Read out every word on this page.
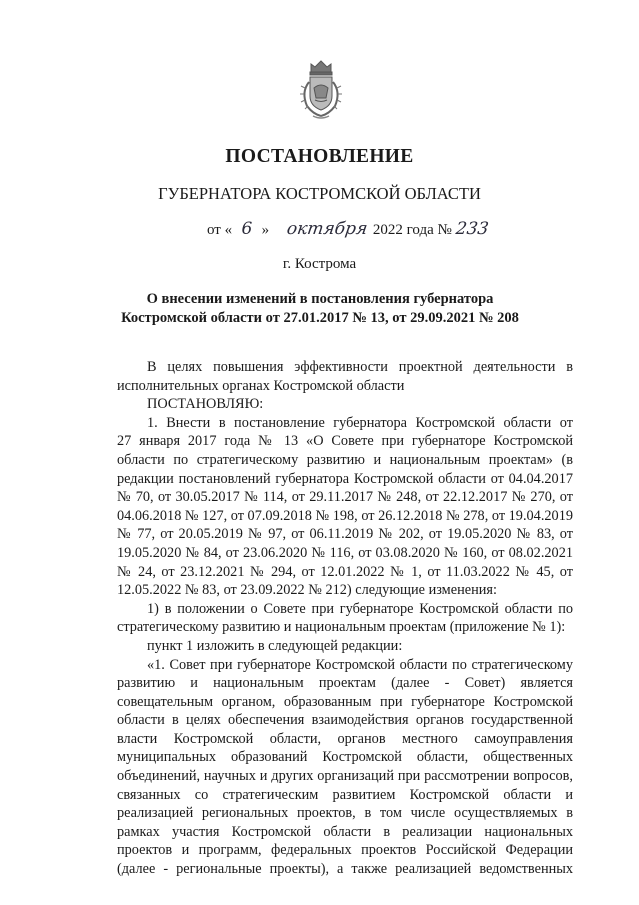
ПОСТАНОВЛЕНИЕ
ГУБЕРНАТОРА КОСТРОМСКОЙ ОБЛАСТИ
от « 6 » октября 2022 года № 233
г. Кострома
О внесении изменений в постановления губернатора
Костромской области от 27.01.2017 № 13, от 29.09.2021 № 208
В целях повышения эффективности проектной деятельности в
исполнительных органах Костромской области
ПОСТАНОВЛЯЮ:
1. Внести в постановление губернатора Костромской области от
27 января 2017 года № 13 «О Совете при губернаторе Костромской
области по стратегическому развитию и национальным проектам» (в
редакции постановлений губернатора Костромской области от 04.04.2017
№ 70, от 30.05.2017 № 114, от 29.11.2017 № 248, от 22.12.2017 № 270, от
04.06.2018 № 127, от 07.09.2018 № 198, от 26.12.2018 № 278, от 19.04.2019
№ 77, от 20.05.2019 № 97, от 06.11.2019 № 202, от 19.05.2020 № 83, от
19.05.2020 № 84, от 23.06.2020 № 116, от 03.08.2020 № 160, от 08.02.2021
№ 24, от 23.12.2021 № 294, от 12.01.2022 № 1, от 11.03.2022 № 45, от
12.05.2022 № 83, от 23.09.2022 № 212) следующие изменения:
1) в положении о Совете при губернаторе Костромской области по
стратегическому развитию и национальным проектам (приложение № 1):
пункт 1 изложить в следующей редакции:
«1. Совет при губернаторе Костромской области по стратегическому
развитию и национальным проектам (далее - Совет) является
совещательным органом, образованным при губернаторе Костромской
области в целях обеспечения взаимодействия органов государственной
власти Костромской области, органов местного самоуправления
муниципальных образований Костромской области, общественных
объединений, научных и других организаций при рассмотрении вопросов,
связанных со стратегическим развитием Костромской области и
реализацией региональных проектов, в том числе осуществляемых в
рамках участия Костромской области в реализации национальных
проектов и программ, федеральных проектов Российской Федерации
(далее - региональные проекты), а также реализацией ведомственных
